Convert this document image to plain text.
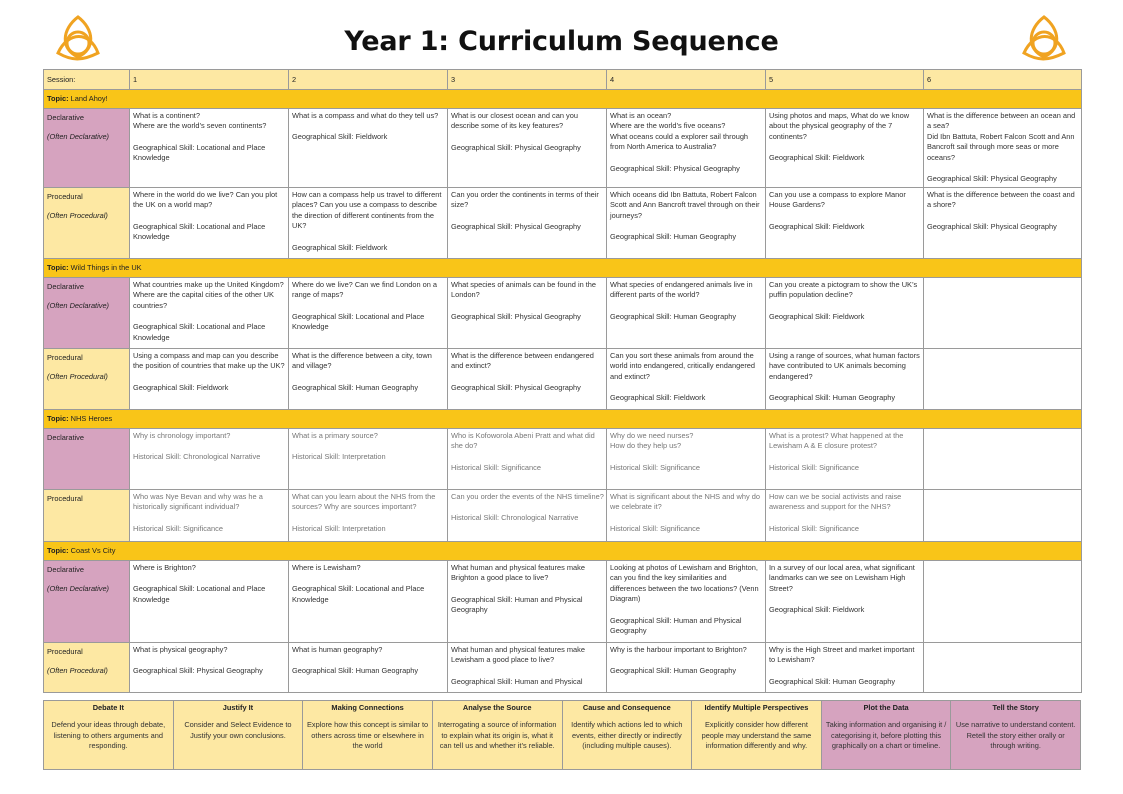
Year 1: Curriculum Sequence
Session:	1	2	3	4	5	6
Topic: Land Ahoy!						

Declarative
(Often Declarative)	What is a continent?
Where are the world’s seven continents?
Geographical Skill: Locational and Place Knowledge	What is a compass and what do they tell us?
Geographical Skill: Fieldwork	What is our closest ocean and can you describe some of its key features?
Geographical Skill: Physical Geography	What is an ocean?
Where are the world’s five oceans?
What oceans could a explorer sail through from North America to Australia?
Geographical Skill: Physical Geography	Using photos and maps, What do we know about the physical geography of the 7 continents?
Geographical Skill: Fieldwork	What is the difference between an ocean and a sea?
Did Ibn Battuta, Robert Falcon Scott and Ann Bancroft sail through more seas or more oceans?
Geographical Skill: Physical Geography

Procedural
(Often Procedural)	Where in the world do we live? Can you plot the UK on a world map?
Geographical Skill: Locational and Place Knowledge	How can a compass help us travel to different places? Can you use a compass to describe the direction of different continents from the UK?
Geographical Skill: Fieldwork	Can you order the continents in terms of their size?
Geographical Skill: Physical Geography	Which oceans did Ibn Battuta, Robert Falcon Scott and Ann Bancroft travel through on their journeys?
Geographical Skill: Human Geography	Can you use a compass to explore Manor House Gardens?
Geographical Skill: Fieldwork	What is the difference between the coast and a shore?
Geographical Skill: Physical Geography

Topic: Wild Things in the UK						

Declarative
(Often Declarative)	What countries make up the United Kingdom? Where are the capital cities of the other UK countries?
Geographical Skill: Locational and Place Knowledge	Where do we live? Can we find London on a range of maps?
Geographical Skill: Locational and Place Knowledge	What species of animals can be found in the London?
Geographical Skill: Physical Geography	What species of endangered animals live in different parts of the world?
Geographical Skill: Human Geography	Can you create a pictogram to show the UK’s puffin population decline?
Geographical Skill: Fieldwork	

Procedural
(Often Procedural)	Using a compass and map can you describe the position of countries that make up the UK?
Geographical Skill: Fieldwork	What is the difference between a city, town and village?
Geographical Skill: Human Geography	What is the difference between endangered and extinct?
Geographical Skill: Physical Geography	Can you sort these animals from around the world into endangered, critically endangered and extinct?
Geographical Skill: Fieldwork	Using a range of sources, what human factors have contributed to UK animals becoming endangered?
Geographical Skill: Human Geography	

Topic: NHS Heroes						

Declarative	Why is chronology important?
Historical Skill: Chronological Narrative	What is a primary source?
Historical Skill: Interpretation	Who is Kofoworola Abeni Pratt and what did she do?
Historical Skill: Significance	Why do we need nurses?
How do they help us?
Historical Skill: Significance	What is a protest? What happened at the Lewisham A & E closure protest?
Historical Skill: Significance	

Procedural	Who was Nye Bevan and why was he a historically significant individual?
Historical Skill: Significance	What can you learn about the NHS from the sources? Why are sources important?
Historical Skill: Interpretation	Can you order the events of the NHS timeline?
Historical Skill: Chronological Narrative	What is significant about the NHS and why do we celebrate it?
Historical Skill: Significance	How can we be social activists and raise awareness and support for the NHS?
Historical Skill: Significance	

Topic: Coast Vs City						

Declarative
(Often Declarative)	Where is Brighton?
Geographical Skill: Locational and Place Knowledge	Where is Lewisham?
Geographical Skill: Locational and Place Knowledge	What human and physical features make Brighton a good place to live?
Geographical Skill: Human and Physical Geography	Looking at photos of Lewisham and Brighton, can you find the key similarities and differences between the two locations? (Venn Diagram)
Geographical Skill: Human and Physical Geography	In a survey of our local area, what significant landmarks can we see on Lewisham High Street?
Geographical Skill: Fieldwork	

Procedural
(Often Procedural)	What is physical geography?
Geographical Skill: Physical Geography	What is human geography?
Geographical Skill: Human Geography	What human and physical features make Lewisham a good place to live?
Geographical Skill: Human and Physical	Why is the harbour important to Brighton?
Geographical Skill: Human Geography	Why is the High Street and market important to Lewisham?
Geographical Skill: Human Geography	

Debate It
Defend your ideas through debate, listening to others arguments and responding.	
Justify It
Consider and Select Evidence to Justify your own conclusions.	
Making Connections
Explore how this concept is similar to others across time or elsewhere in the world	
Analyse the Source
Interrogating a source of information to explain what its origin is, what it can tell us and whether it’s reliable.	
Cause and Consequence
Identify which actions led to which events, either directly or indirectly (including multiple causes).	
Identify Multiple Perspectives
Explicitly consider how different people may understand the same information differently and why.	
Plot the Data
Taking information and organising it / categorising it, before plotting this graphically on a chart or timeline.	
Tell the Story
Use narrative to understand content. Retell the story either orally or through writing.
